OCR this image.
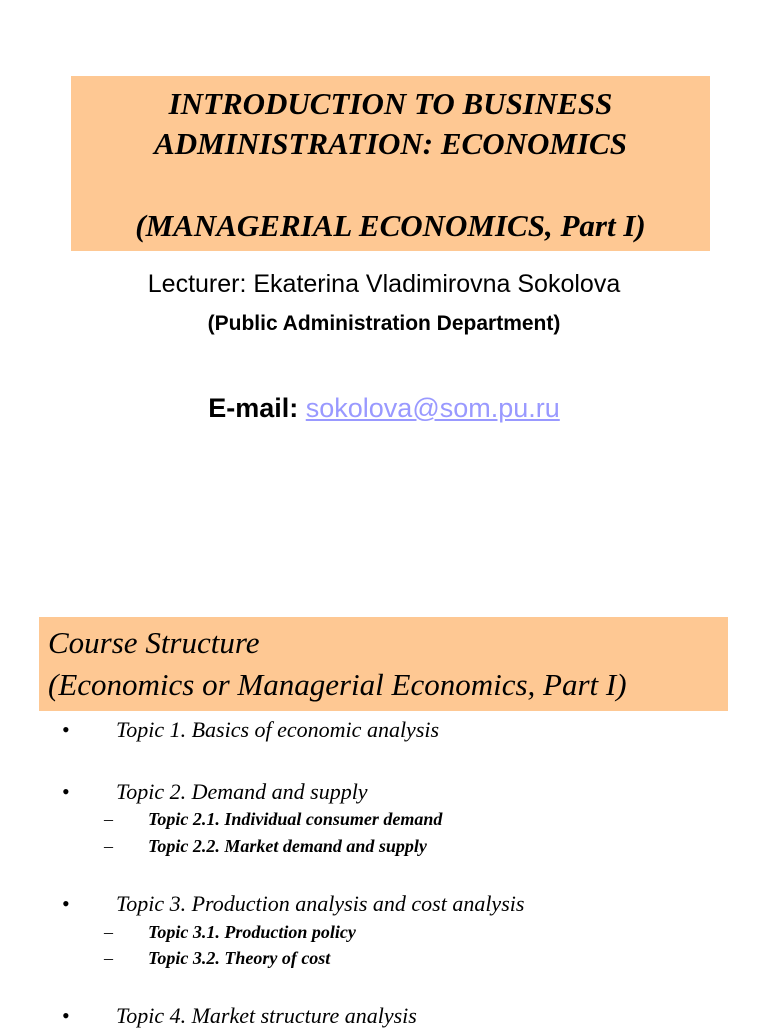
INTRODUCTION TO BUSINESS
ADMINISTRATION: ECONOMICS
(MANAGERIAL ECONOMICS, Part I)
Lecturer: Ekaterina Vladimirovna Sokolova
(Public Administration Department)
E-mail: sokolova@som.pu.ru
Course Structure
(Economics or Managerial Economics, Part I)
• Topic 1. Basics of economic analysis
• Topic 2. Demand and supply
– Topic 2.1. Individual consumer demand
– Topic 2.2. Market demand and supply
• Topic 3. Production analysis and cost analysis
– Topic 3.1. Production policy
– Topic 3.2. Theory of cost
• Topic 4. Market structure analysis
